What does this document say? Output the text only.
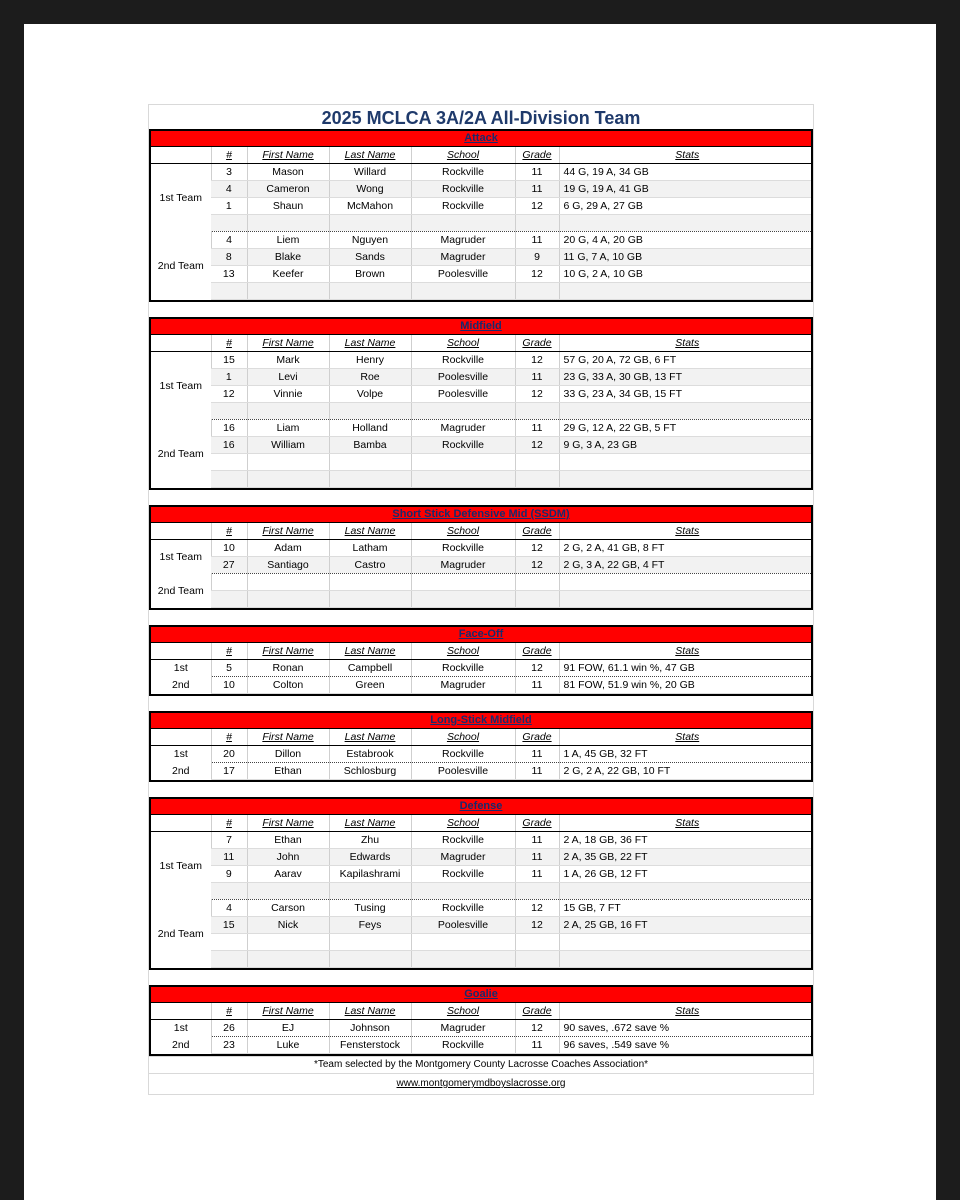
2025 MCLCA 3A/2A All-Division Team
Attack
	#	First Name	Last Name	School	Grade	Stats
1st Team	3	Mason	Willard	Rockville	11	44 G, 19 A, 34 GB
	4	Cameron	Wong	Rockville	11	19 G, 19 A, 41 GB
	1	Shaun	McMahon	Rockville	12	6 G, 29 A, 27 GB

2nd Team	4	Liem	Nguyen	Magruder	11	20 G, 4 A, 20 GB
	8	Blake	Sands	Magruder	9	11 G, 7 A, 10 GB
	13	Keefer	Brown	Poolesville	12	10 G, 2 A, 10 GB

Midfield
	#	First Name	Last Name	School	Grade	Stats
1st Team	15	Mark	Henry	Rockville	12	57 G, 20 A, 72 GB, 6 FT
	1	Levi	Roe	Poolesville	11	23 G, 33 A, 30 GB, 13 FT
	12	Vinnie	Volpe	Poolesville	12	33 G, 23 A, 34 GB, 15 FT

2nd Team	16	Liam	Holland	Magruder	11	29 G, 12 A, 22 GB, 5 FT
	16	William	Bamba	Rockville	12	9 G, 3 A, 23 GB

Short Stick Defensive Mid (SSDM)
	#	First Name	Last Name	School	Grade	Stats
1st Team	10	Adam	Latham	Rockville	12	2 G, 2 A, 41 GB, 8 FT
	27	Santiago	Castro	Magruder	12	2 G, 3 A, 22 GB, 4 FT
2nd Team						

Face-Off
	#	First Name	Last Name	School	Grade	Stats
1st	5	Ronan	Campbell	Rockville	12	91 FOW, 61.1 win %, 47 GB
2nd	10	Colton	Green	Magruder	11	81 FOW, 51.9 win %, 20 GB
Long-Stick Midfield
	#	First Name	Last Name	School	Grade	Stats
1st	20	Dillon	Estabrook	Rockville	11	1 A, 45 GB, 32 FT
2nd	17	Ethan	Schlosburg	Poolesville	11	2 G, 2 A, 22 GB, 10 FT
Defense
	#	First Name	Last Name	School	Grade	Stats
1st Team	7	Ethan	Zhu	Rockville	11	2 A, 18 GB, 36 FT
	11	John	Edwards	Magruder	11	2 A, 35 GB, 22 FT
	9	Aarav	Kapilashrami	Rockville	11	1 A, 26 GB, 12 FT

2nd Team	4	Carson	Tusing	Rockville	12	15 GB, 7 FT
	15	Nick	Feys	Poolesville	12	2 A, 25 GB, 16 FT

Goalie
	#	First Name	Last Name	School	Grade	Stats
1st	26	EJ	Johnson	Magruder	12	90 saves, .672 save %
2nd	23	Luke	Fensterstock	Rockville	11	96 saves, .549 save %
*Team selected by the Montgomery County Lacrosse Coaches Association*
www.montgomerymdboyslacrosse.org
